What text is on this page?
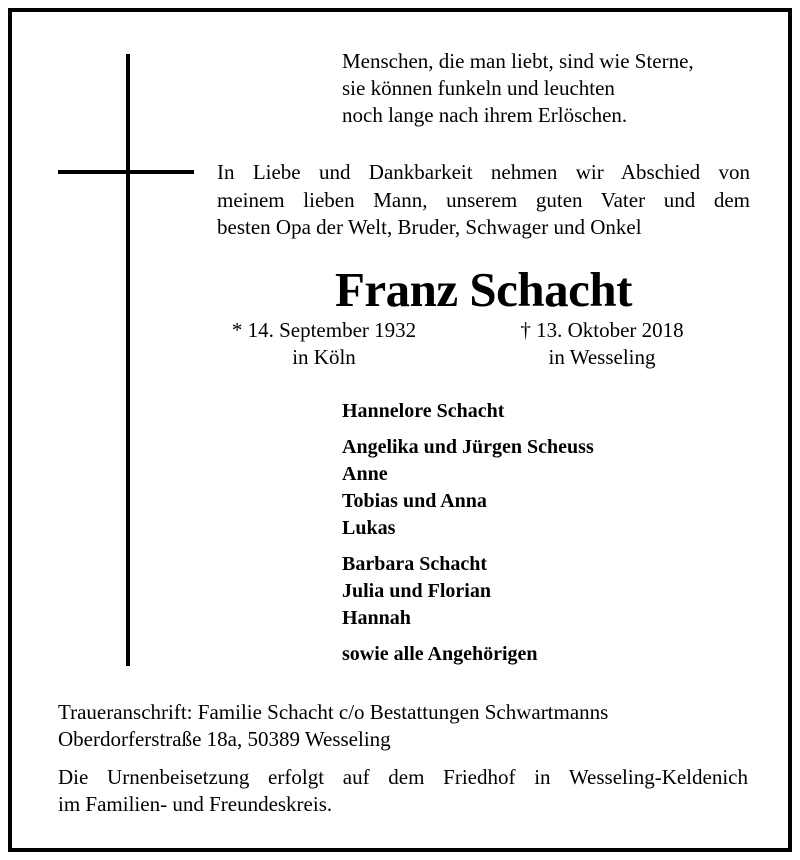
Menschen, die man liebt, sind wie Sterne,
sie können funkeln und leuchten
noch lange nach ihrem Erlöschen.
In Liebe und Dankbarkeit nehmen wir Abschied von
meinem lieben Mann, unserem guten Vater und dem
besten Opa der Welt, Bruder, Schwager und Onkel
Franz Schacht
* 14. September 1932
in Köln
† 13. Oktober 2018
in Wesseling
Hannelore Schacht
Angelika und Jürgen Scheuss
Anne
Tobias und Anna
Lukas
Barbara Schacht
Julia und Florian
Hannah
sowie alle Angehörigen
Traueranschrift: Familie Schacht c/o Bestattungen Schwartmanns
Oberdorferstraße 18a, 50389 Wesseling
Die Urnenbeisetzung erfolgt auf dem Friedhof in Wesseling-Keldenich
im Familien- und Freundeskreis.
